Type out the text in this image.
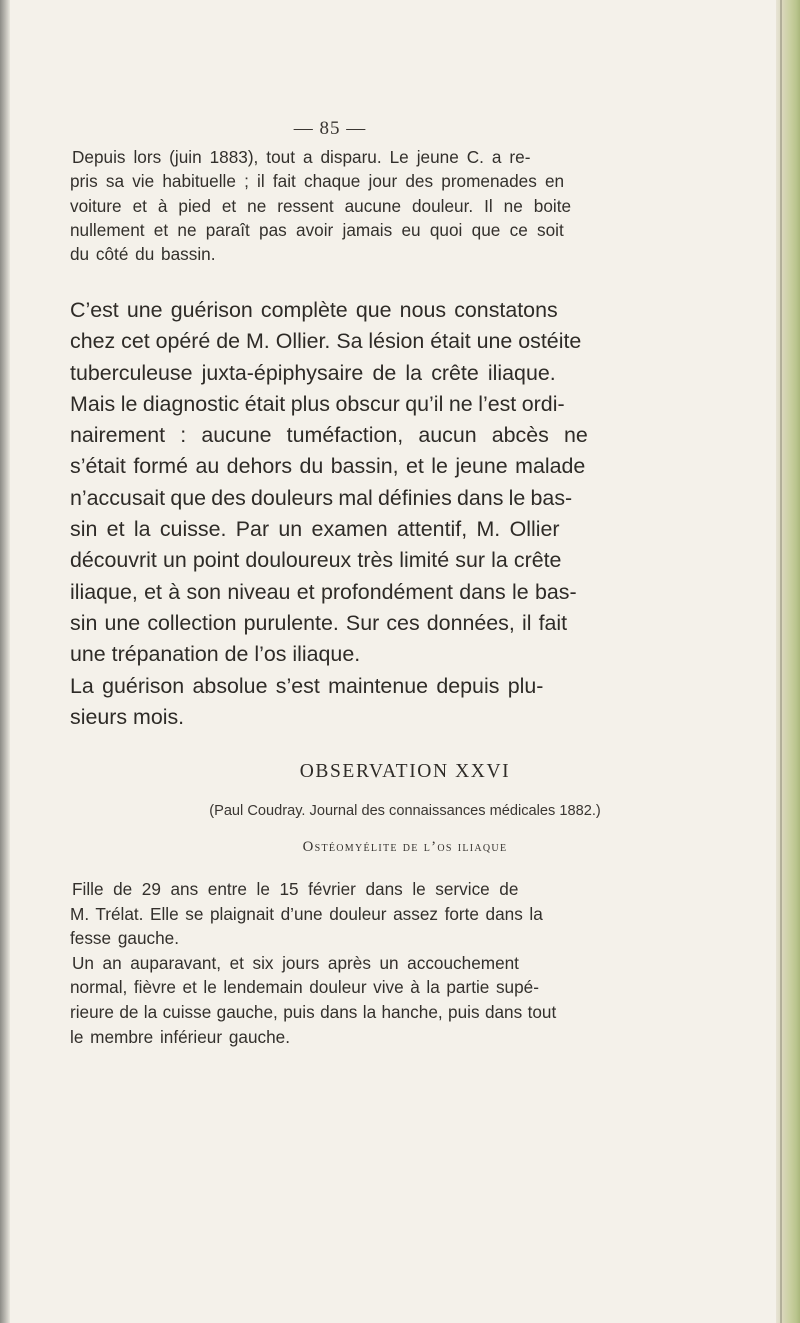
— 85 —

Depuis lors (juin 1883), tout a disparu. Le jeune C. a re-
pris sa vie habituelle ; il fait chaque jour des promenades en
voiture et à pied et ne ressent aucune douleur. Il ne boite
nullement et ne paraît pas avoir jamais eu quoi que ce soit
du côté du bassin.

C’est une guérison complète que nous constatons
chez cet opéré de M. Ollier. Sa lésion était une ostéite
tuberculeuse juxta-épiphysaire de la crête iliaque.
Mais le diagnostic était plus obscur qu’il ne l’est ordi-
nairement : aucune tuméfaction, aucun abcès ne
s’était formé au dehors du bassin, et le jeune malade
n’accusait que des douleurs mal définies dans le bas-
sin et la cuisse. Par un examen attentif, M. Ollier
découvrit un point douloureux très limité sur la crête
iliaque, et à son niveau et profondément dans le bas-
sin une collection purulente. Sur ces données, il fait
une trépanation de l’os iliaque.
La guérison absolue s’est maintenue depuis plu-
sieurs mois.

OBSERVATION XXVI

(Paul Coudray. Journal des connaissances médicales 1882.)

Ostéomyélite de l’os iliaque

Fille de 29 ans entre le 15 février dans le service de
M. Trélat. Elle se plaignait d’une douleur assez forte dans la
fesse gauche.
Un an auparavant, et six jours après un accouchement
normal, fièvre et le lendemain douleur vive à la partie supé-
rieure de la cuisse gauche, puis dans la hanche, puis dans tout
le membre inférieur gauche.
